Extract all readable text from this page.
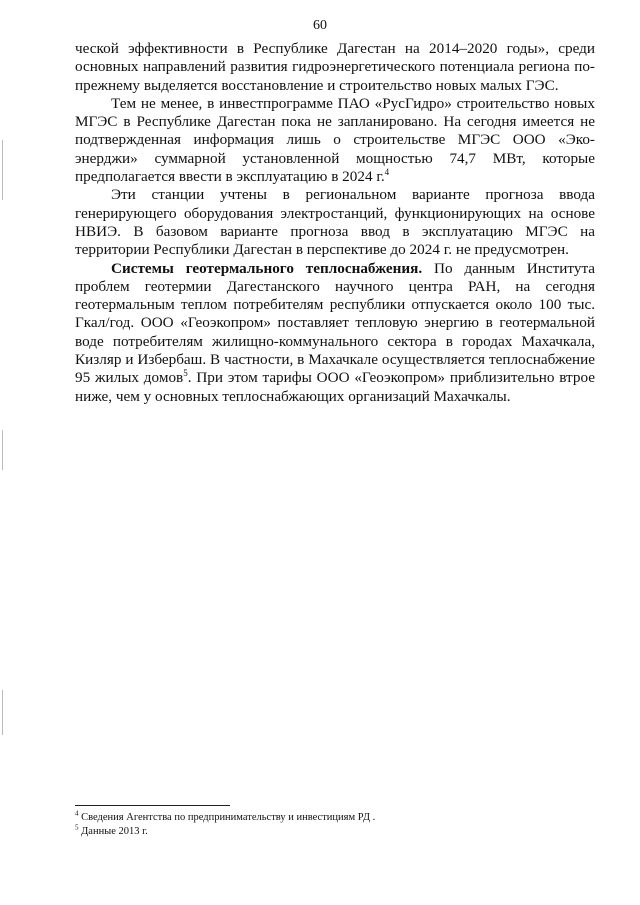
60

ческой эффективности в Республике Дагестан на 2014–2020 годы», среди основных направлений развития гидроэнергетического потенциала региона по-прежнему выделяется восстановление и строительство новых малых ГЭС.

Тем не менее, в инвестпрограмме ПАО «РусГидро» строительство новых МГЭС в Республике Дагестан пока не запланировано. На сегодня имеется не подтвержденная информация лишь о строительстве МГЭС ООО «Эко-энерджи» суммарной установленной мощностью 74,7 МВт, которые предполагается ввести в эксплуатацию в 2024 г.$^4$

Эти станции учтены в региональном варианте прогноза ввода генерирующего оборудования электростанций, функционирующих на основе НВИЭ. В базовом варианте прогноза ввод в эксплуатацию МГЭС на территории Республики Дагестан в перспективе до 2024 г. не предусмотрен.

Системы геотермального теплоснабжения. По данным Института проблем геотермии Дагестанского научного центра РАН, на сегодня геотермальным теплом потребителям республики отпускается около 100 тыс. Гкал/год. ООО «Геоэкопром» поставляет тепловую энергию в геотермальной воде потребителям жилищно-коммунального сектора в городах Махачкала, Кизляр и Избербаш. В частности, в Махачкале осуществляется теплоснабжение 95 жилых домов$^5$. При этом тарифы ООО «Геоэкопром» приблизительно втрое ниже, чем у основных теплоснабжающих организаций Махачкалы.

$^4$ Сведения Агентства по предпринимательству и инвестициям РД .
$^5$ Данные 2013 г.
